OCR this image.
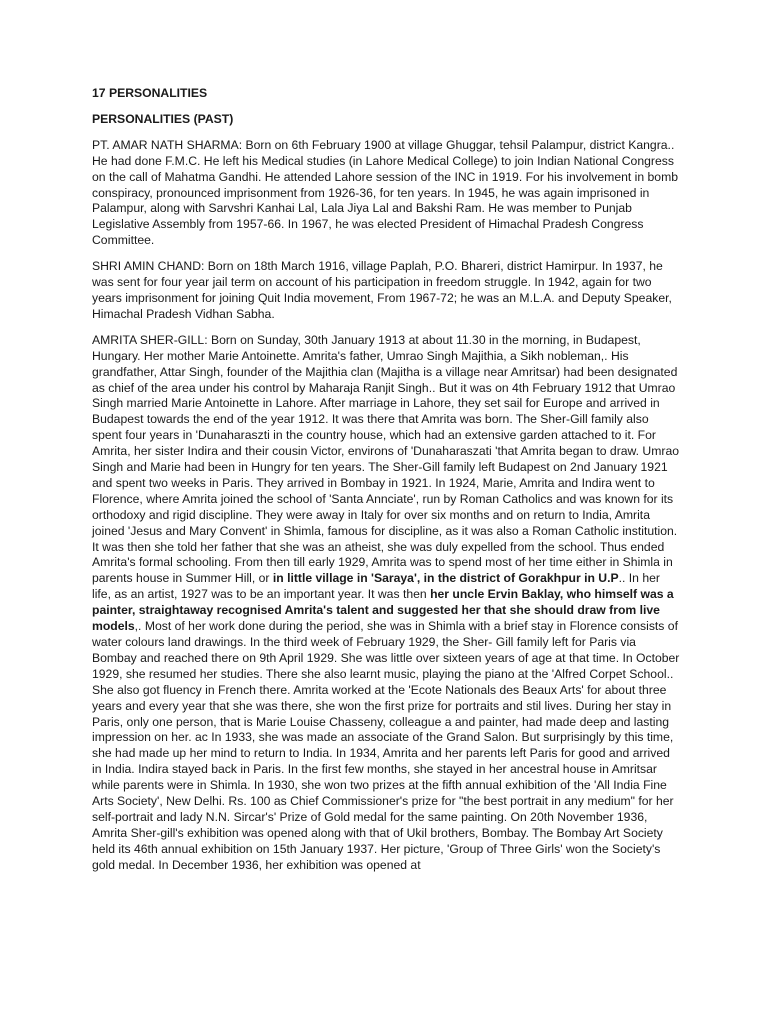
17 PERSONALITIES
PERSONALITIES (PAST)

PT. AMAR NATH SHARMA: Born on 6th February 1900 at village Ghuggar, tehsil Palampur, district Kangra.. He had done F.M.C. He left his Medical studies (in Lahore Medical College) to join Indian National Congress on the call of Mahatma Gandhi. He attended Lahore session of the INC in 1919. For his involvement in bomb conspiracy, pronounced imprisonment from 1926-36, for ten years. In 1945, he was again imprisoned in Palampur, along with Sarvshri Kanhai Lal, Lala Jiya Lal and Bakshi Ram. He was member to Punjab Legislative Assembly from 1957-66. In 1967, he was elected President of Himachal Pradesh Congress Committee.

SHRI AMIN CHAND: Born on 18th March 1916, village Paplah, P.O. Bhareri, district Hamirpur. In 1937, he was sent for four year jail term on account of his participation in freedom struggle. In 1942, again for two years imprisonment for joining Quit India movement, From 1967-72; he was an M.L.A. and Deputy Speaker, Himachal Pradesh Vidhan Sabha.

AMRITA SHER-GILL: Born on Sunday, 30th January 1913 at about 11.30 in the morning, in Budapest, Hungary. Her mother Marie Antoinette. Amrita's father, Umrao Singh Majithia, a Sikh nobleman,. His grandfather, Attar Singh, founder of the Majithia clan (Majitha is a village near Amritsar) had been designated as chief of the area under his control by Maharaja Ranjit Singh.. But it was on 4th February 1912 that Umrao Singh married Marie Antoinette in Lahore. After marriage in Lahore, they set sail for Europe and arrived in Budapest towards the end of the year 1912. It was there that Amrita was born. The Sher-Gill family also spent four years in 'Dunaharaszti in the country house, which had an extensive garden attached to it. For Amrita, her sister Indira and their cousin Victor, environs of 'Dunaharaszati 'that Amrita began to draw. Umrao Singh and Marie had been in Hungry for ten years. The Sher-Gill family left Budapest on 2nd January 1921 and spent two weeks in Paris. They arrived in Bombay in 1921. In 1924, Marie, Amrita and Indira went to Florence, where Amrita joined the school of 'Santa Annciate', run by Roman Catholics and was known for its orthodoxy and rigid discipline. They were away in Italy for over six months and on return to India, Amrita joined 'Jesus and Mary Convent' in Shimla, famous for discipline, as it was also a Roman Catholic institution. It was then she told her father that she was an atheist, she was duly expelled from the school. Thus ended Amrita's formal schooling. From then till early 1929, Amrita was to spend most of her time either in Shimla in parents house in Summer Hill, or in little village in 'Saraya', in the district of Gorakhpur in U.P.. In her life, as an artist, 1927 was to be an important year. It was then her uncle Ervin Baklay, who himself was a painter, straightaway recognised Amrita's talent and suggested her that she should draw from live models,. Most of her work done during the period, she was in Shimla with a brief stay in Florence consists of water colours land drawings. In the third week of February 1929, the Sher- Gill family left for Paris via Bombay and reached there on 9th April 1929. She was little over sixteen years of age at that time. In October 1929, she resumed her studies. There she also learnt music, playing the piano at the 'Alfred Corpet School.. She also got fluency in French there. Amrita worked at the 'Ecote Nationals des Beaux Arts' for about three years and every year that she was there, she won the first prize for portraits and stil lives. During her stay in Paris, only one person, that is Marie Louise Chasseny, colleague a and painter, had made deep and lasting impression on her. ac In 1933, she was made an associate of the Grand Salon. But surprisingly by this time, she had made up her mind to return to India. In 1934, Amrita and her parents left Paris for good and arrived in India. Indira stayed back in Paris. In the first few months, she stayed in her ancestral house in Amritsar while parents were in Shimla. In 1930, she won two prizes at the fifth annual exhibition of the 'All India Fine Arts Society', New Delhi. Rs. 100 as Chief Commissioner's prize for "the best portrait in any medium" for her self-portrait and lady N.N. Sircar's' Prize of Gold medal for the same painting. On 20th November 1936, Amrita Sher-gill's exhibition was opened along with that of Ukil brothers, Bombay. The Bombay Art Society held its 46th annual exhibition on 15th January 1937. Her picture, 'Group of Three Girls' won the Society's gold medal. In December 1936, her exhibition was opened at
